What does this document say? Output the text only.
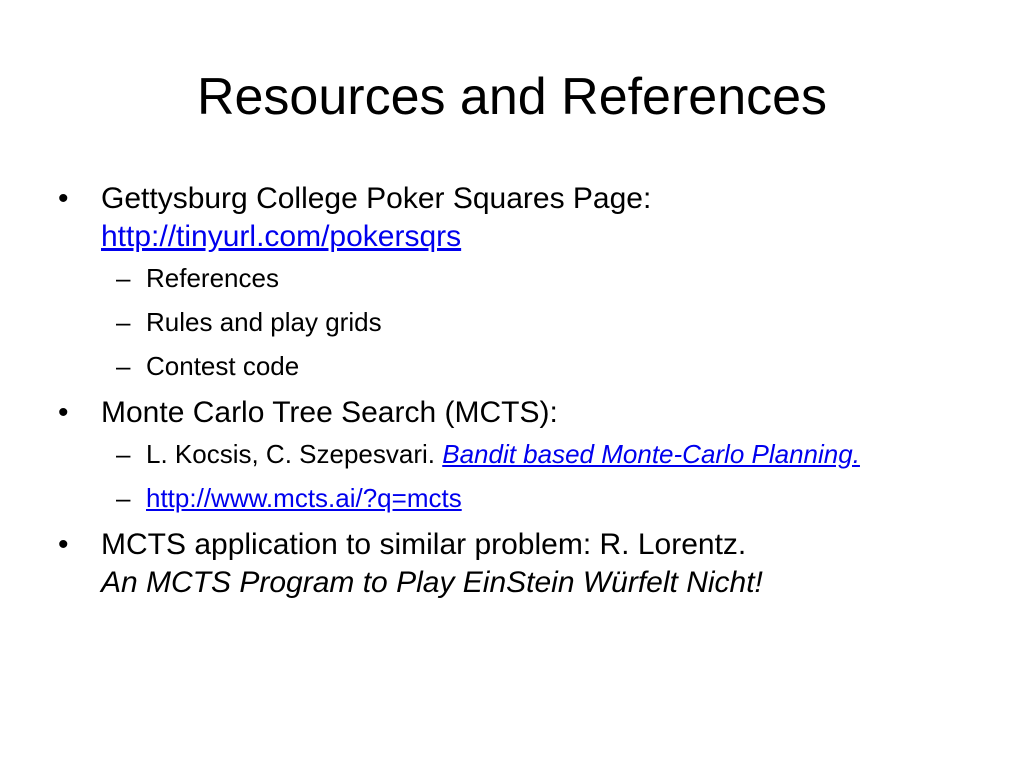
Resources and References
•	Gettysburg College Poker Squares Page:
http://tinyurl.com/pokersqrs
– References
– Rules and play grids
– Contest code
•	Monte Carlo Tree Search (MCTS):
– L. Kocsis, C. Szepesvari. Bandit based Monte-Carlo Planning.
– http://www.mcts.ai/?q=mcts
•	MCTS application to similar problem: R. Lorentz.
An MCTS Program to Play EinStein Würfelt Nicht!
